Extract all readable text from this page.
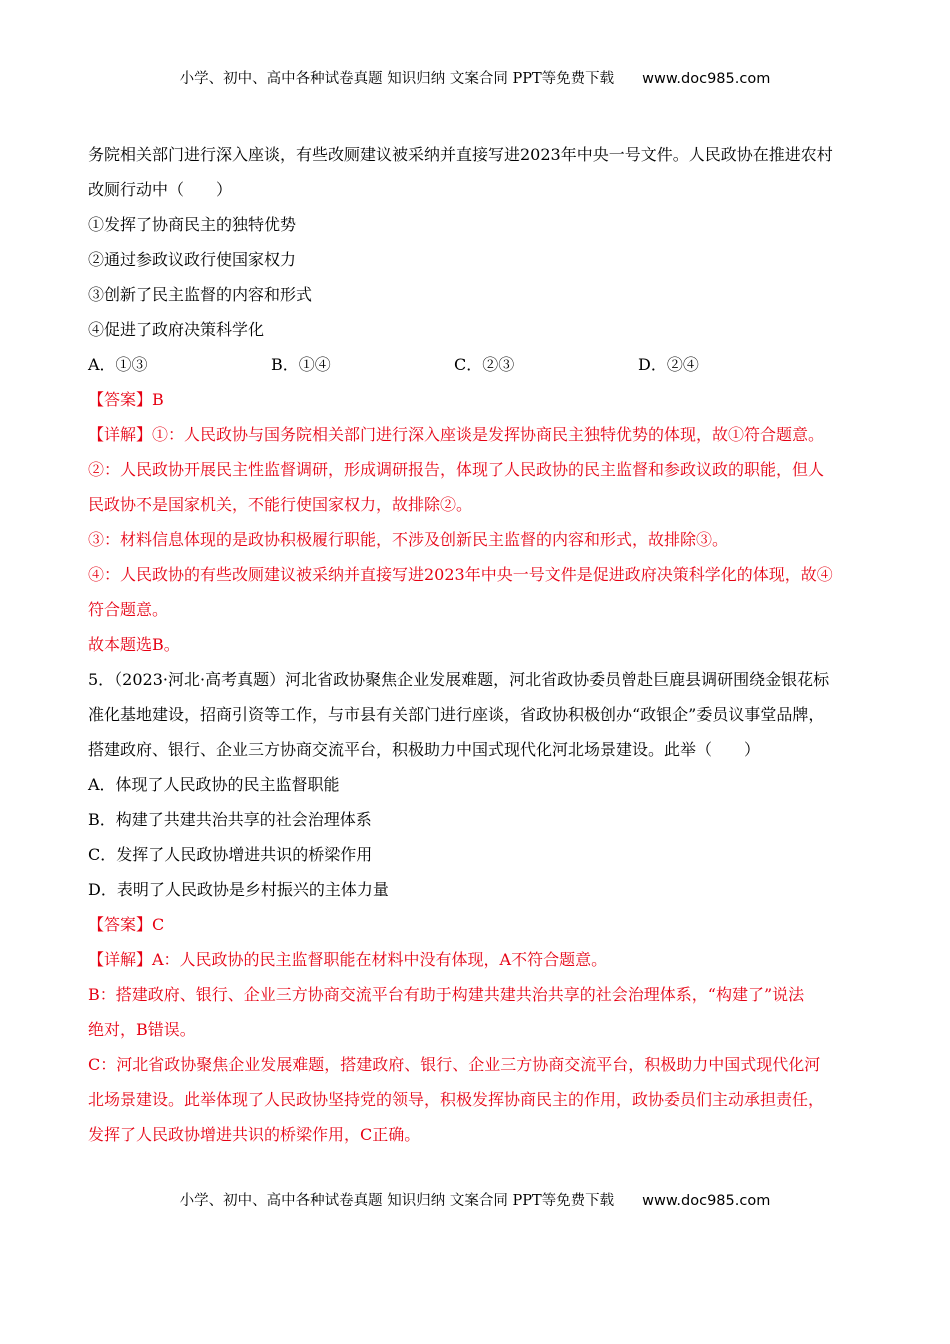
小学、初中、高中各种试卷真题 知识归纳 文案合同 PPT等免费下载 www.doc985.com
务院相关部门进行深入座谈，有些改厕建议被采纳并直接写进2023年中央一号文件。人民政协在推进农村
改厕行动中（　　）
①发挥了协商民主的独特优势
②通过参政议政行使国家权力
③创新了民主监督的内容和形式
④促进了政府决策科学化
A．①③	B．①④	C．②③	D．②④
【答案】B
【详解】①：人民政协与国务院相关部门进行深入座谈是发挥协商民主独特优势的体现，故①符合题意。
②：人民政协开展民主性监督调研，形成调研报告，体现了人民政协的民主监督和参政议政的职能，但人
民政协不是国家机关，不能行使国家权力，故排除②。
③：材料信息体现的是政协积极履行职能，不涉及创新民主监督的内容和形式，故排除③。
④：人民政协的有些改厕建议被采纳并直接写进2023年中央一号文件是促进政府决策科学化的体现，故④
符合题意。
故本题选B。
5．（2023·河北·高考真题）河北省政协聚焦企业发展难题，河北省政协委员曾赴巨鹿县调研围绕金银花标
准化基地建设，招商引资等工作，与市县有关部门进行座谈，省政协积极创办“政银企”委员议事堂品牌，
搭建政府、银行、企业三方协商交流平台，积极助力中国式现代化河北场景建设。此举（　　）
A．体现了人民政协的民主监督职能
B．构建了共建共治共享的社会治理体系
C．发挥了人民政协增进共识的桥梁作用
D．表明了人民政协是乡村振兴的主体力量
【答案】C
【详解】A：人民政协的民主监督职能在材料中没有体现，A不符合题意。
B：搭建政府、银行、企业三方协商交流平台有助于构建共建共治共享的社会治理体系，“构建了”说法
绝对，B错误。
C：河北省政协聚焦企业发展难题，搭建政府、银行、企业三方协商交流平台，积极助力中国式现代化河
北场景建设。此举体现了人民政协坚持党的领导，积极发挥协商民主的作用，政协委员们主动承担责任，
发挥了人民政协增进共识的桥梁作用，C正确。
小学、初中、高中各种试卷真题 知识归纳 文案合同 PPT等免费下载 www.doc985.com
